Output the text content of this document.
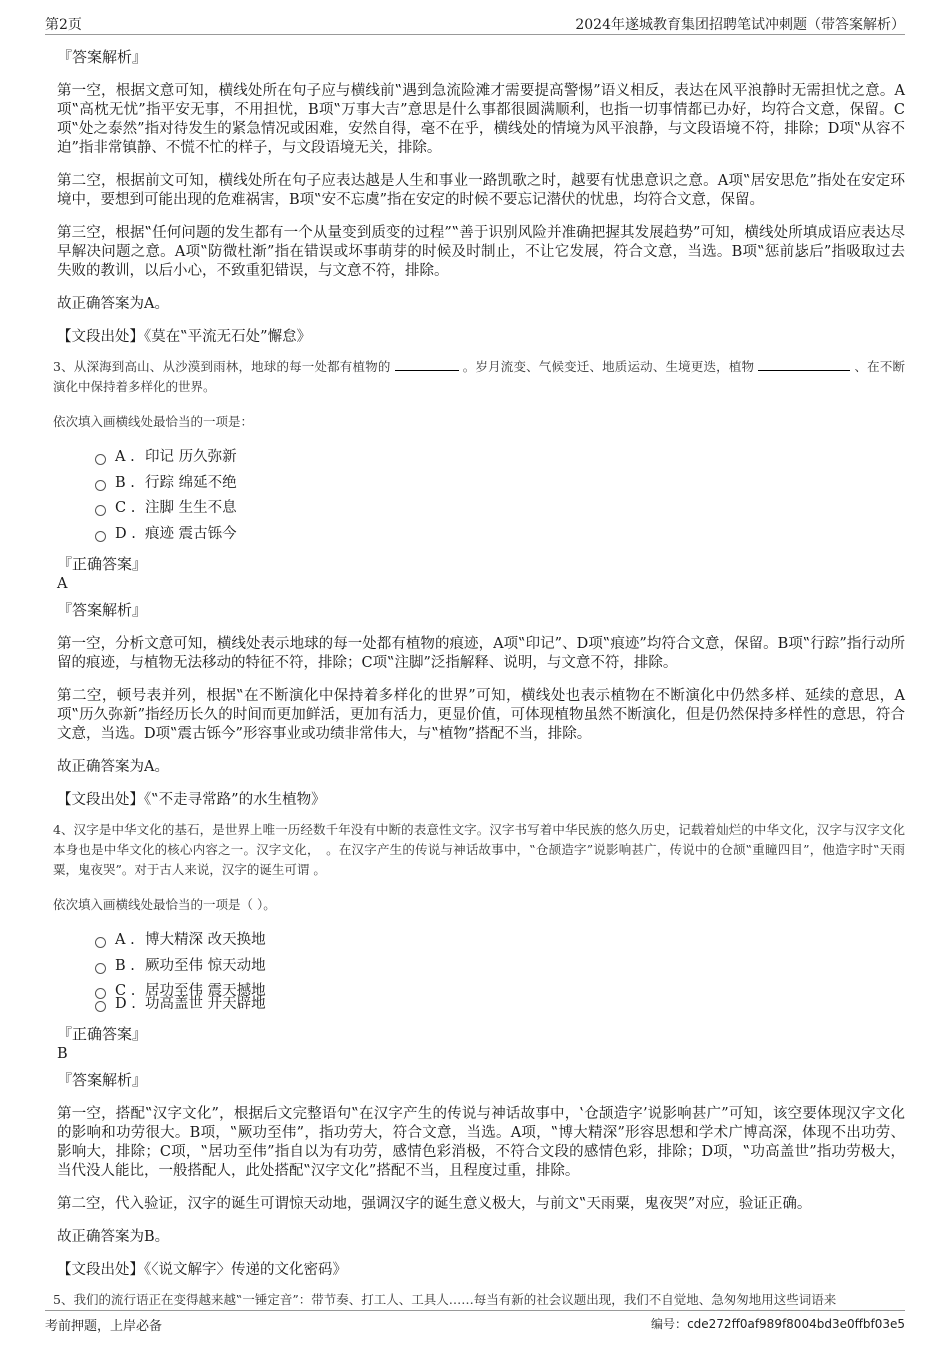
第2页	2024年遂城教育集团招聘笔试冲刺题（带答案解析）
『答案解析』

第一空，根据文意可知，横线处所在句子应与横线前‟遇到急流险滩才需要提高警惕”语义相反，表达在风平浪静时无需担忧之意。A项‟高枕无忧”指平安无事，不用担忧，B项‟万事大吉”意思是什么事都很圆满顺利，也指一切事情都已办好，均符合文意，保留。C项‟处之泰然”指对待发生的紧急情况或困难，安然自得，毫不在乎，横线处的情境为风平浪静，与文段语境不符，排除；D项‟从容不迫”指非常镇静、不慌不忙的样子，与文段语境无关，排除。

第二空，根据前文可知，横线处所在句子应表达越是人生和事业一路凯歌之时，越要有忧患意识之意。A项‟居安思危”指处在安定环境中，要想到可能出现的危难祸害，B项‟安不忘虞”指在安定的时候不要忘记潜伏的忧患，均符合文意，保留。

第三空，根据‟任何问题的发生都有一个从量变到质变的过程”‟善于识别风险并准确把握其发展趋势”可知，横线处所填成语应表达尽早解决问题之意。A项‟防微杜渐”指在错误或坏事萌芽的时候及时制止，不让它发展，符合文意，当选。B项‟惩前毖后”指吸取过去失败的教训，以后小心，不致重犯错误，与文意不符，排除。

故正确答案为A。

【文段出处】《莫在‟平流无石处”懈怠》

3、从深海到高山、从沙漠到雨林，地球的每一处都有植物的	。岁月流变、气候变迁、地质运动、生境更迭，植物	、在不断演化中保持着多样化的世界。
依次填入画横线处最恰当的一项是：
A . 印记 历久弥新
B . 行踪 绵延不绝
C . 注脚 生生不息
D . 痕迹 震古铄今
『正确答案』
A
『答案解析』

第一空，分析文意可知，横线处表示地球的每一处都有植物的痕迹，A项‟印记”、D项‟痕迹”均符合文意，保留。B项‟行踪”指行动所留的痕迹，与植物无法移动的特征不符，排除；C项‟注脚”泛指解释、说明，与文意不符，排除。

第二空，顿号表并列，根据‟在不断演化中保持着多样化的世界”可知，横线处也表示植物在不断演化中仍然多样、延续的意思，A项‟历久弥新”指经历长久的时间而更加鲜活，更加有活力，更显价值，可体现植物虽然不断演化，但是仍然保持多样性的意思，符合文意，当选。D项‟震古铄今”形容事业或功绩非常伟大，与‟植物”搭配不当，排除。

故正确答案为A。

【文段出处】《‟不走寻常路”的水生植物》

4、汉字是中华文化的基石，是世界上唯一历经数千年没有中断的表意性文字。汉字书写着中华民族的悠久历史，记载着灿烂的中华文化，汉字与汉字文化本身也是中华文化的核心内容之一。汉字文化，　。在汉字产生的传说与神话故事中，‟仓颉造字”说影响甚广，传说中的仓颉‟重瞳四目”，他造字时‟天雨粟，鬼夜哭”。对于古人来说，汉字的诞生可谓 。
依次填入画横线处最恰当的一项是（ ）。
A . 博大精深 改天换地
B . 厥功至伟 惊天动地
C . 居功至伟 震天撼地
D . 功高盖世 开天辟地
『正确答案』
B
『答案解析』

第一空，搭配‟汉字文化”，根据后文完整语句‟在汉字产生的传说与神话故事中，‛仓颉造字’说影响甚广”可知，该空要体现汉字文化的影响和功劳很大。B项，‟厥功至伟”，指功劳大，符合文意，当选。A项，‟博大精深”形容思想和学术广博高深，体现不出功劳、影响大，排除；C项，‟居功至伟”指自以为有功劳，感情色彩消极，不符合文段的感情色彩，排除；D项，‟功高盖世”指功劳极大，当代没人能比，一般搭配人，此处搭配‟汉字文化”搭配不当，且程度过重，排除。

第二空，代入验证，汉字的诞生可谓惊天动地，强调汉字的诞生意义极大，与前文‟天雨粟，鬼夜哭”对应，验证正确。

故正确答案为B。

【文段出处】《〈说文解字〉传递的文化密码》

5、我们的流行语正在变得越来越‟一锤定音”：带节奏、打工人、工具人……每当有新的社会议题出现，我们不自觉地、急匆匆地用这些词语来
考前押题，上岸必备	编号：cde272ff0af989f8004bd3e0ffbf03e5
